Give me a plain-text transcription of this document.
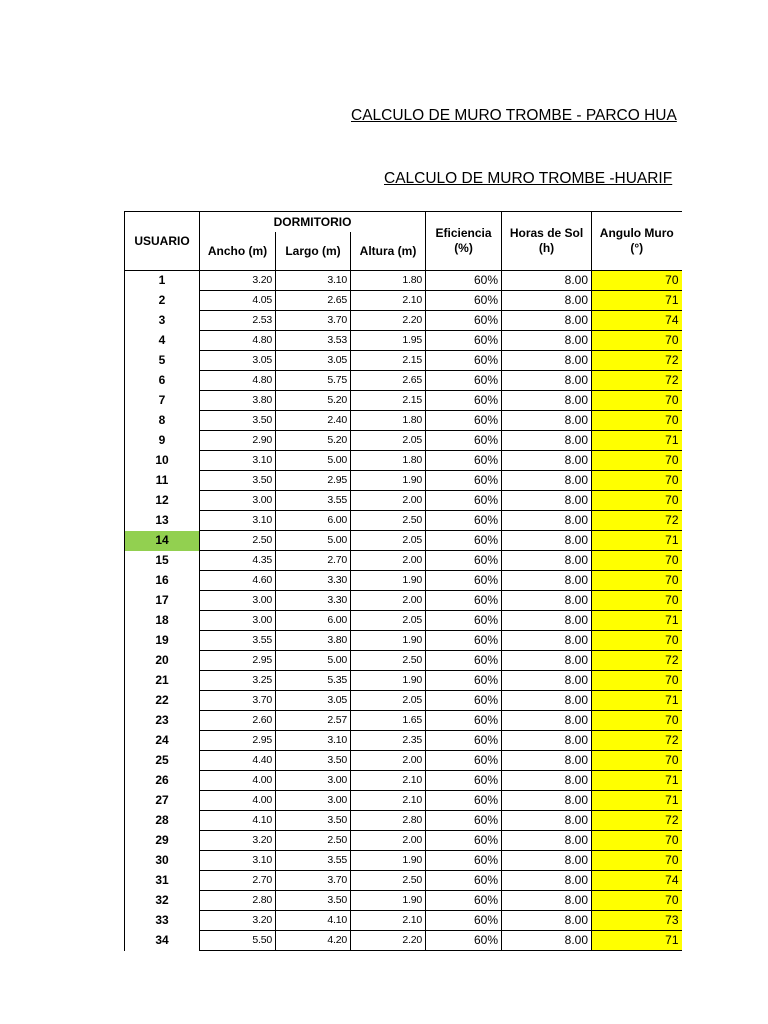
CALCULO DE MURO TROMBE - PARCO HUA
CALCULO DE MURO TROMBE -HUARIF
USUARIO	DORMITORIO			Eficiencia (%)	Horas de Sol (h)	Angulo Muro (°)
	Ancho (m)	Largo (m)	Altura (m)			
1	3.20	3.10	1.80	60%	8.00	70
2	4.05	2.65	2.10	60%	8.00	71
3	2.53	3.70	2.20	60%	8.00	74
4	4.80	3.53	1.95	60%	8.00	70
5	3.05	3.05	2.15	60%	8.00	72
6	4.80	5.75	2.65	60%	8.00	72
7	3.80	5.20	2.15	60%	8.00	70
8	3.50	2.40	1.80	60%	8.00	70
9	2.90	5.20	2.05	60%	8.00	71
10	3.10	5.00	1.80	60%	8.00	70
11	3.50	2.95	1.90	60%	8.00	70
12	3.00	3.55	2.00	60%	8.00	70
13	3.10	6.00	2.50	60%	8.00	72
14	2.50	5.00	2.05	60%	8.00	71
15	4.35	2.70	2.00	60%	8.00	70
16	4.60	3.30	1.90	60%	8.00	70
17	3.00	3.30	2.00	60%	8.00	70
18	3.00	6.00	2.05	60%	8.00	71
19	3.55	3.80	1.90	60%	8.00	70
20	2.95	5.00	2.50	60%	8.00	72
21	3.25	5.35	1.90	60%	8.00	70
22	3.70	3.05	2.05	60%	8.00	71
23	2.60	2.57	1.65	60%	8.00	70
24	2.95	3.10	2.35	60%	8.00	72
25	4.40	3.50	2.00	60%	8.00	70
26	4.00	3.00	2.10	60%	8.00	71
27	4.00	3.00	2.10	60%	8.00	71
28	4.10	3.50	2.80	60%	8.00	72
29	3.20	2.50	2.00	60%	8.00	70
30	3.10	3.55	1.90	60%	8.00	70
31	2.70	3.70	2.50	60%	8.00	74
32	2.80	3.50	1.90	60%	8.00	70
33	3.20	4.10	2.10	60%	8.00	73
34	5.50	4.20	2.20	60%	8.00	71
